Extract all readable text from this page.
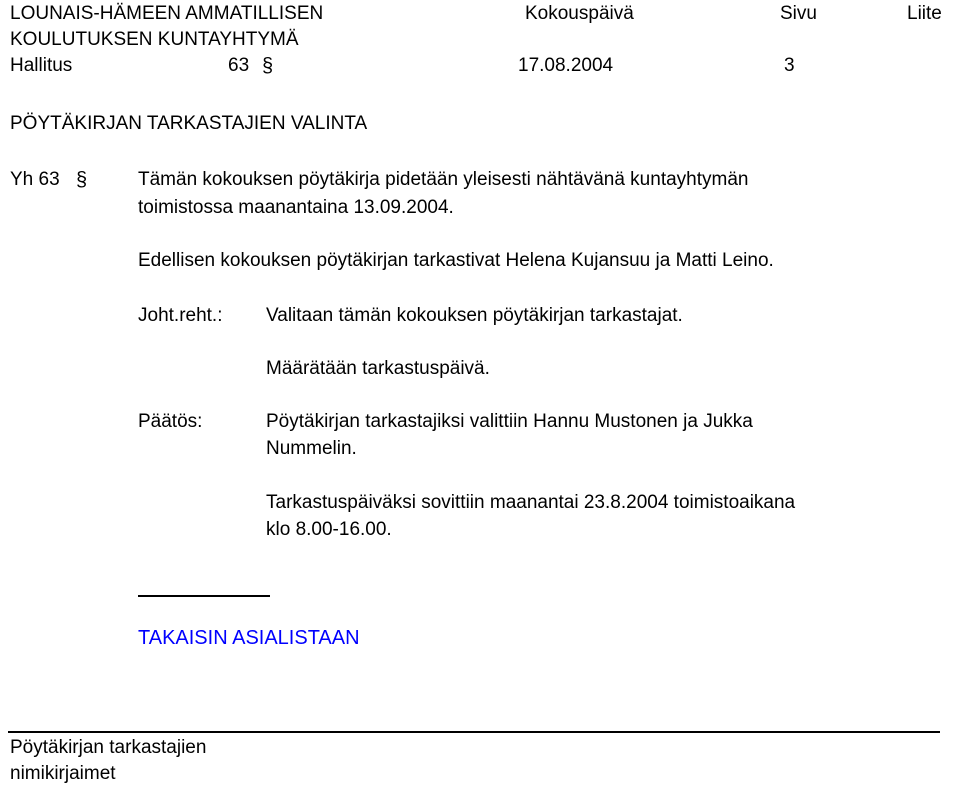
LOUNAIS-HÄMEEN AMMATILLISEN	Kokouspäivä	Sivu	Liite
KOULUTUKSEN KUNTAYHTYMÄ
Hallitus	63 §	17.08.2004	3
PÖYTÄKIRJAN TARKASTAJIEN VALINTA
Yh 63 §	Tämän kokouksen pöytäkirja pidetään yleisesti nähtävänä kuntayhtymän
toimistossa maanantaina 13.09.2004.
Edellisen kokouksen pöytäkirjan tarkastivat Helena Kujansuu ja Matti Leino.
Joht.reht.: Valitaan tämän kokouksen pöytäkirjan tarkastajat.
Määrätään tarkastuspäivä.
Päätös:	Pöytäkirjan tarkastajiksi valittiin Hannu Mustonen ja Jukka
Nummelin.
Tarkastuspäiväksi sovittiin maanantai 23.8.2004 toimistoaikana
klo 8.00-16.00.
TAKAISIN ASIALISTAAN
Pöytäkirjan tarkastajien
nimikirjaimet
